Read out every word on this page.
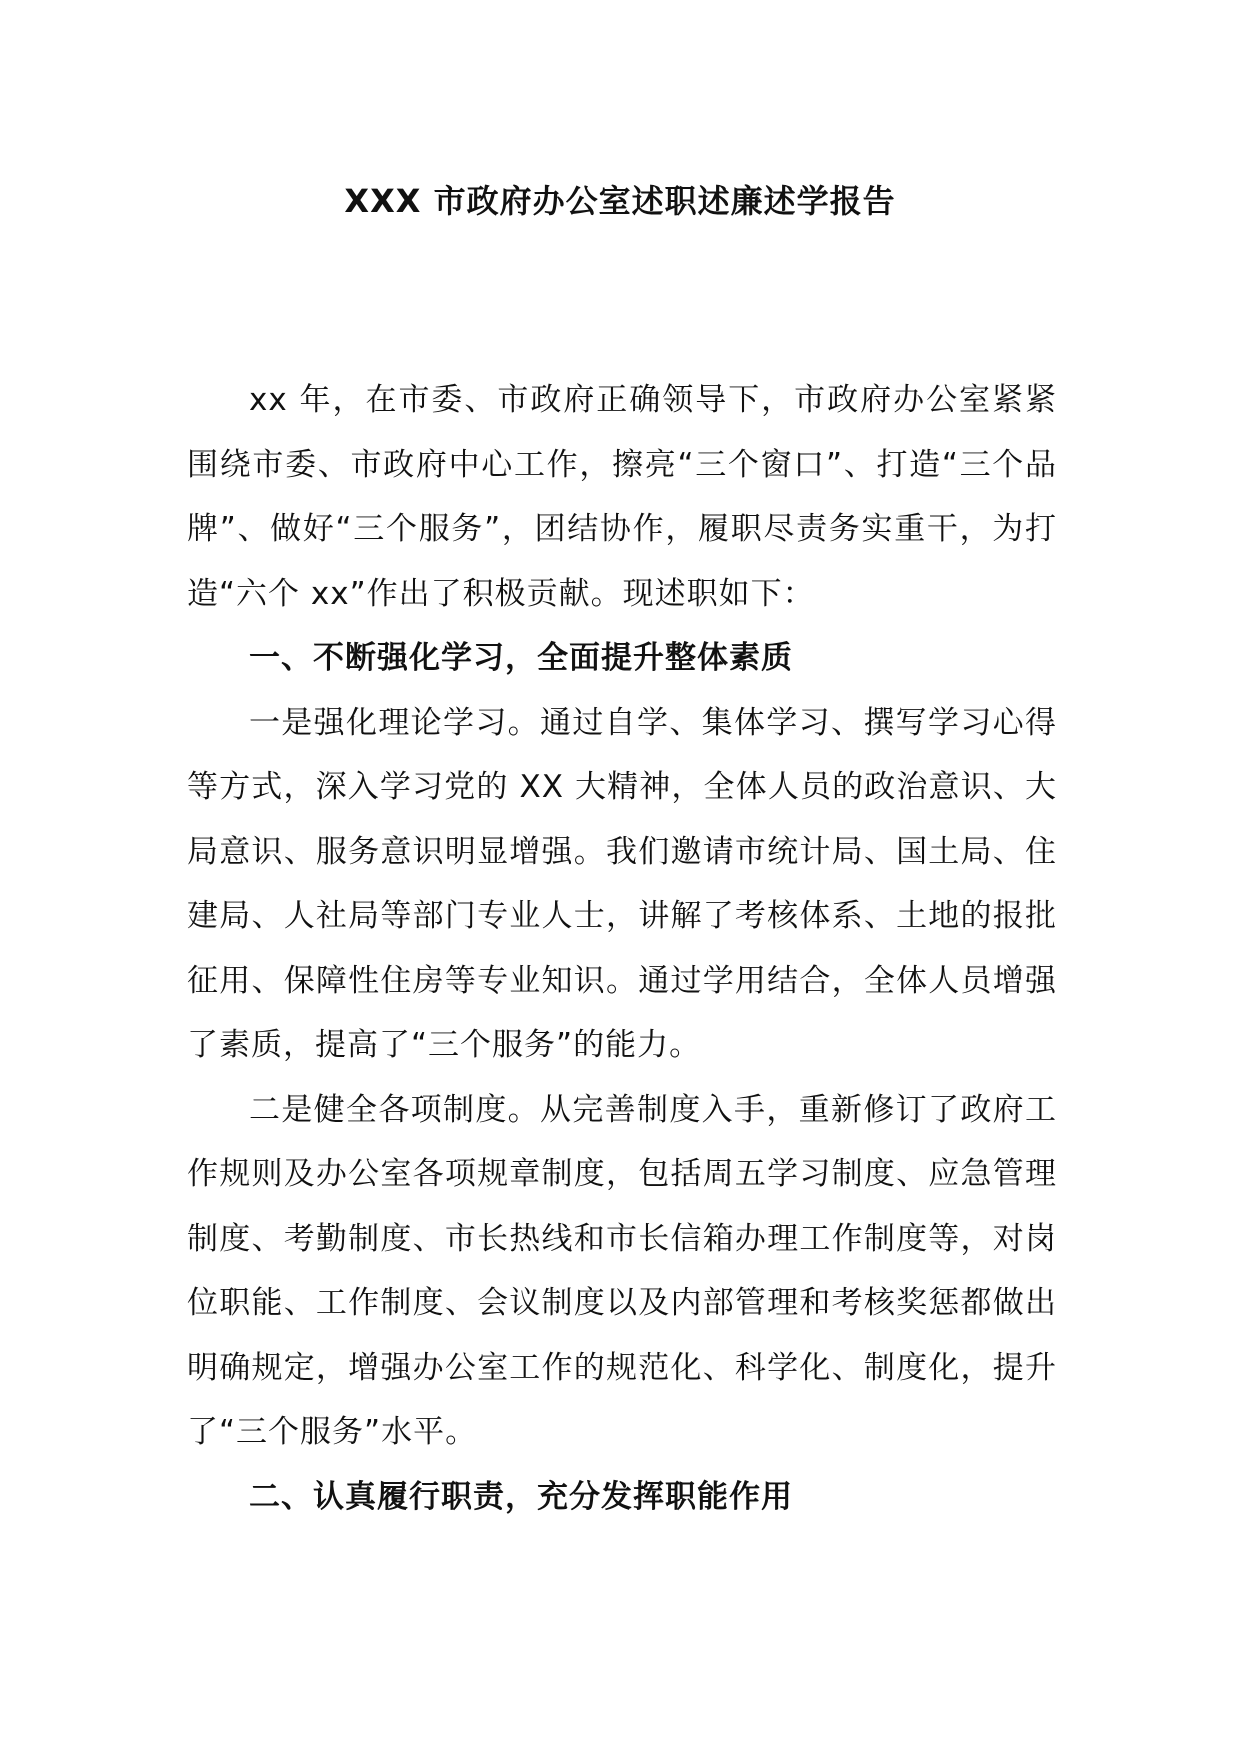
XXX 市政府办公室述职述廉述学报告

xx 年，在市委、市政府正确领导下，市政府办公室紧紧围绕市委、市政府中心工作，擦亮“三个窗口”、打造“三个品牌”、做好“三个服务”，团结协作，履职尽责务实重干，为打造“六个 xx”作出了积极贡献。现述职如下：

一、不断强化学习，全面提升整体素质

一是强化理论学习。通过自学、集体学习、撰写学习心得等方式，深入学习党的 XX 大精神，全体人员的政治意识、大局意识、服务意识明显增强。我们邀请市统计局、国土局、住建局、人社局等部门专业人士，讲解了考核体系、土地的报批征用、保障性住房等专业知识。通过学用结合，全体人员增强了素质，提高了“三个服务”的能力。

二是健全各项制度。从完善制度入手，重新修订了政府工作规则及办公室各项规章制度，包括周五学习制度、应急管理制度、考勤制度、市长热线和市长信箱办理工作制度等，对岗位职能、工作制度、会议制度以及内部管理和考核奖惩都做出明确规定，增强办公室工作的规范化、科学化、制度化，提升了“三个服务”水平。

二、认真履行职责，充分发挥职能作用
